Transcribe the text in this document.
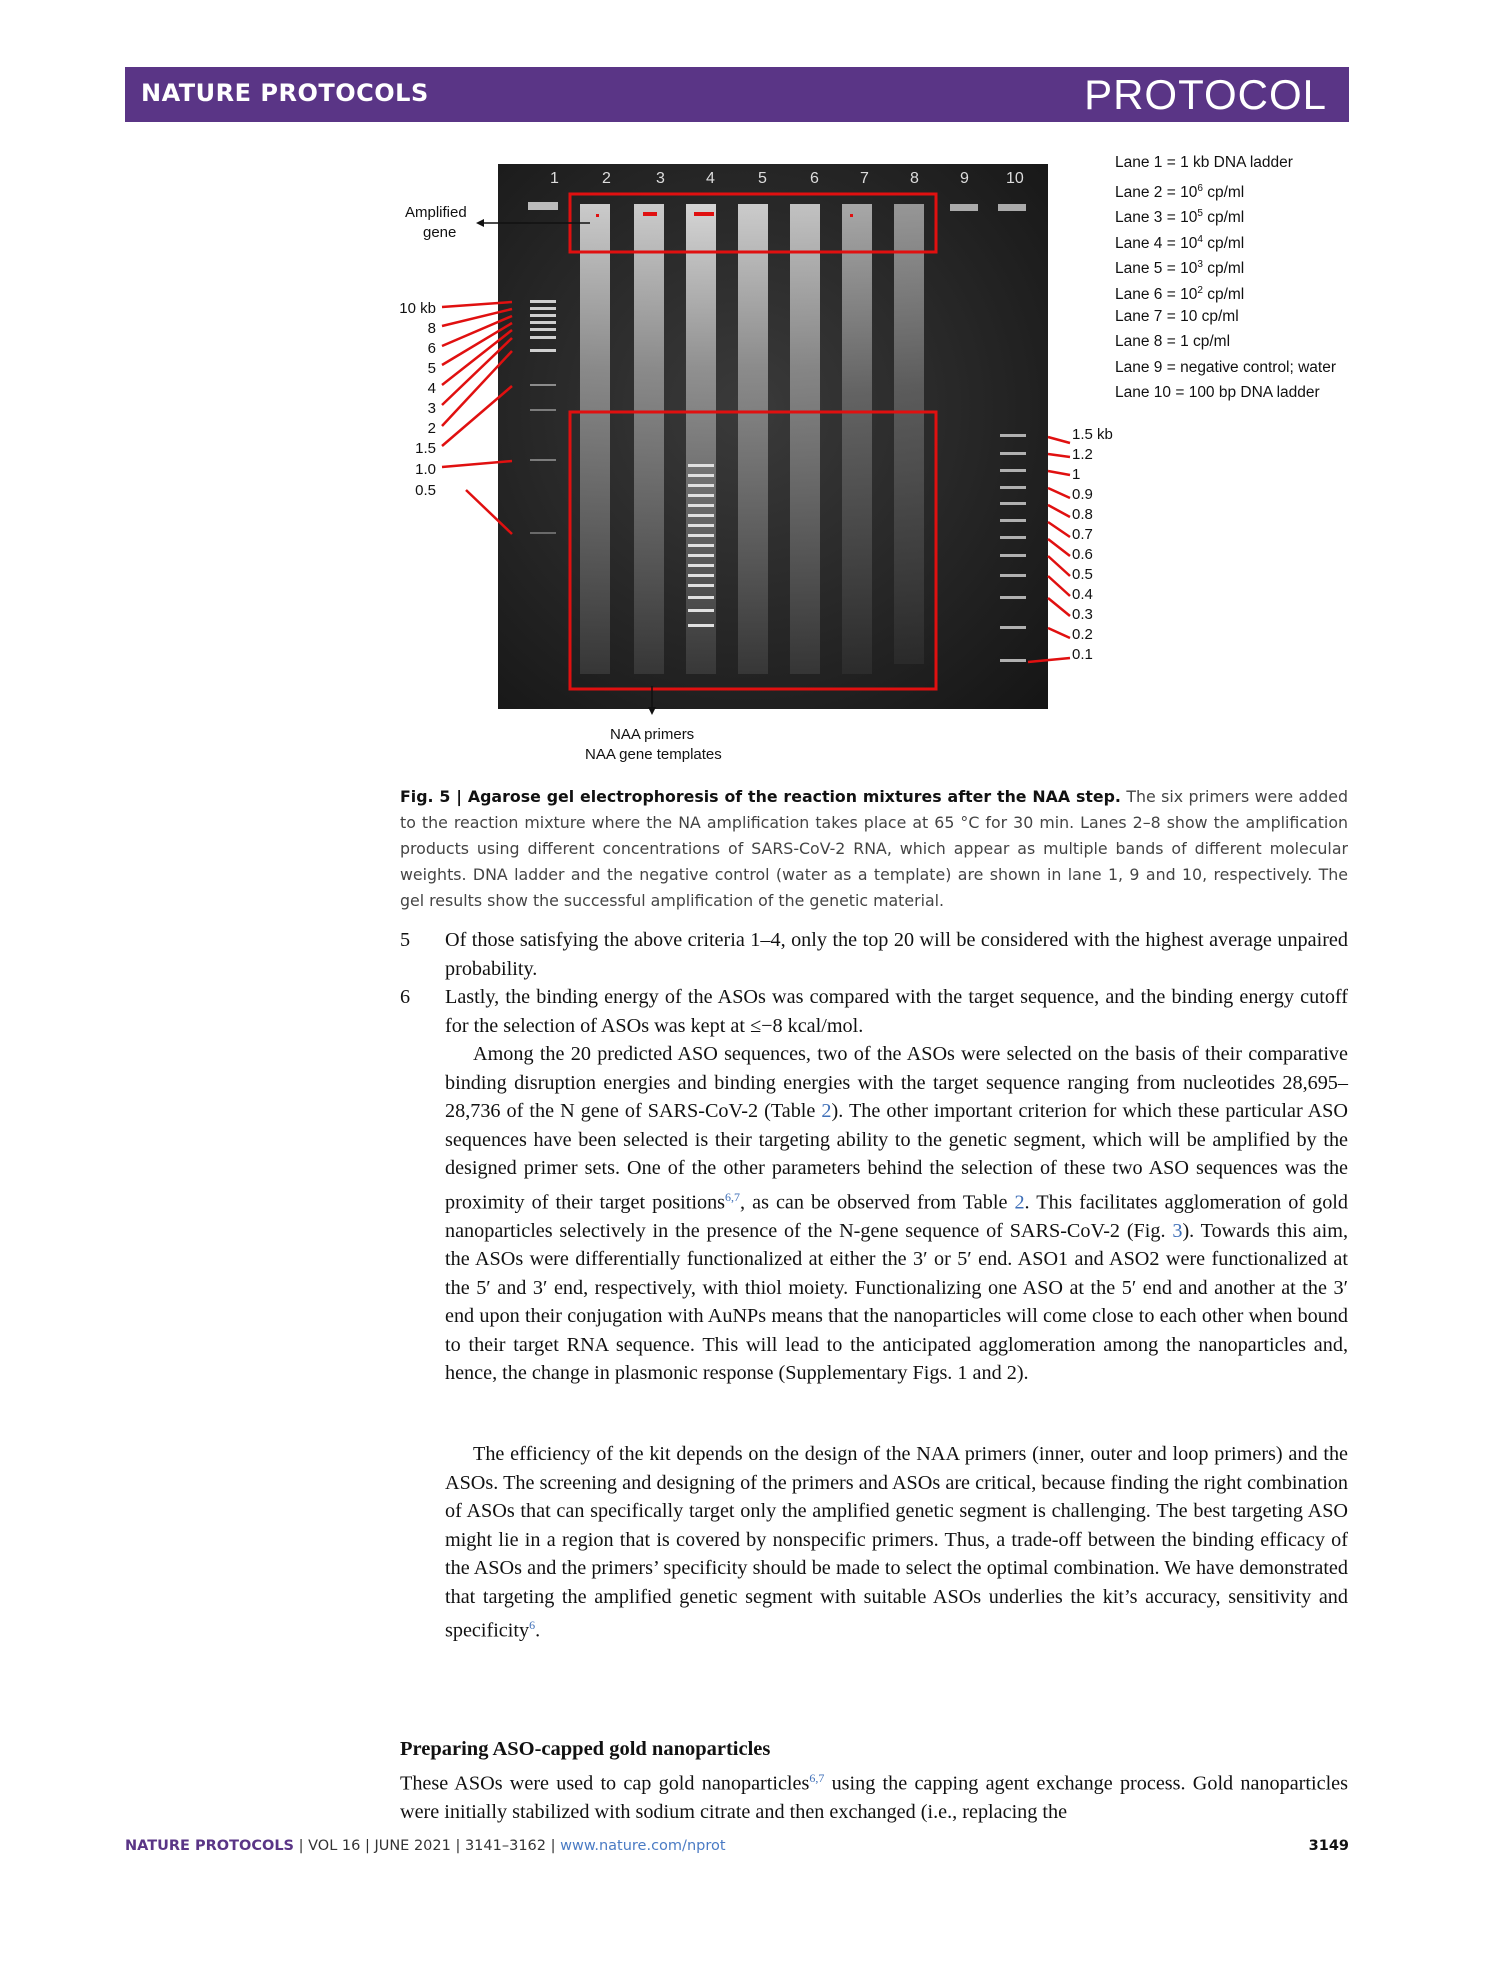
NATURE PROTOCOLS	PROTOCOL
1	2	3	4	5	6	7	8	9 10
Amplified
gene
10 kb
8
6
5
4
3
2
1.5
1.0
0.5
1.5 kb
1.2
1
0.9
0.8
0.7
0.6
0.5
0.4
0.3
0.2
0.1
NAA primers
NAA gene templates
Lane 1 = 1 kb DNA ladder
Lane $2 = 10^6$ cp/ml
Lane $3 = 10^5$ cp/ml
Lane $4 = 10^4$ cp/ml
Lane $5 = 10^3$ cp/ml
Lane $6 = 10^2$ cp/ml
Lane 7 = 10 cp/ml
Lane 8 = 1 cp/ml
Lane 9 = negative control; water
Lane 10 = 100 bp DNA ladder
Fig. 5 | Agarose gel electrophoresis of the reaction mixtures after the NAA step. The six primers were added to the reaction mixture where the NA amplification takes place at 65 °C for 30 min. Lanes 2–8 show the amplification products using different concentrations of SARS-CoV-2 RNA, which appear as multiple bands of different molecular weights. DNA ladder and the negative control (water as a template) are shown in lane 1, 9 and 10, respectively. The gel results show the successful amplification of the genetic material.
5 Of those satisfying the above criteria 1–4, only the top 20 will be considered with the highest average unpaired probability.
6 Lastly, the binding energy of the ASOs was compared with the target sequence, and the binding energy cutoff for the selection of ASOs was kept at ≤−8 kcal/mol.
Among the 20 predicted ASO sequences, two of the ASOs were selected on the basis of their comparative binding disruption energies and binding energies with the target sequence ranging from nucleotides 28,695–28,736 of the N gene of SARS-CoV-2 (Table 2). The other important criterion for which these particular ASO sequences have been selected is their targeting ability to the genetic segment, which will be amplified by the designed primer sets. One of the other parameters behind the selection of these two ASO sequences was the proximity of their target positions$^{6,7}$, as can be observed from Table 2. This facilitates agglomeration of gold nanoparticles selectively in the presence of the N-gene sequence of SARS-CoV-2 (Fig. 3). Towards this aim, the ASOs were differentially functionalized at either the 3′ or 5′ end. ASO1 and ASO2 were functionalized at the 5′ and 3′ end, respectively, with thiol moiety. Functionalizing one ASO at the 5′ end and another at the 3′ end upon their conjugation with AuNPs means that the nanoparticles will come close to each other when bound to their target RNA sequence. This will lead to the anticipated agglomeration among the nanoparticles and, hence, the change in plasmonic response (Supplementary Figs. 1 and 2).
The efficiency of the kit depends on the design of the NAA primers (inner, outer and loop primers) and the ASOs. The screening and designing of the primers and ASOs are critical, because finding the right combination of ASOs that can specifically target only the amplified genetic segment is challenging. The best targeting ASO might lie in a region that is covered by nonspecific primers. Thus, a trade-off between the binding efficacy of the ASOs and the primers’ specificity should be made to select the optimal combination. We have demonstrated that targeting the amplified genetic segment with suitable ASOs underlies the kit’s accuracy, sensitivity and specificity$^6$.
Preparing ASO-capped gold nanoparticles
These ASOs were used to cap gold nanoparticles$^{6,7}$ using the capping agent exchange process. Gold nanoparticles were initially stabilized with sodium citrate and then exchanged (i.e., replacing the
NATURE PROTOCOLS | VOL 16 | JUNE 2021 | 3141–3162 | www.nature.com/nprot	3149
